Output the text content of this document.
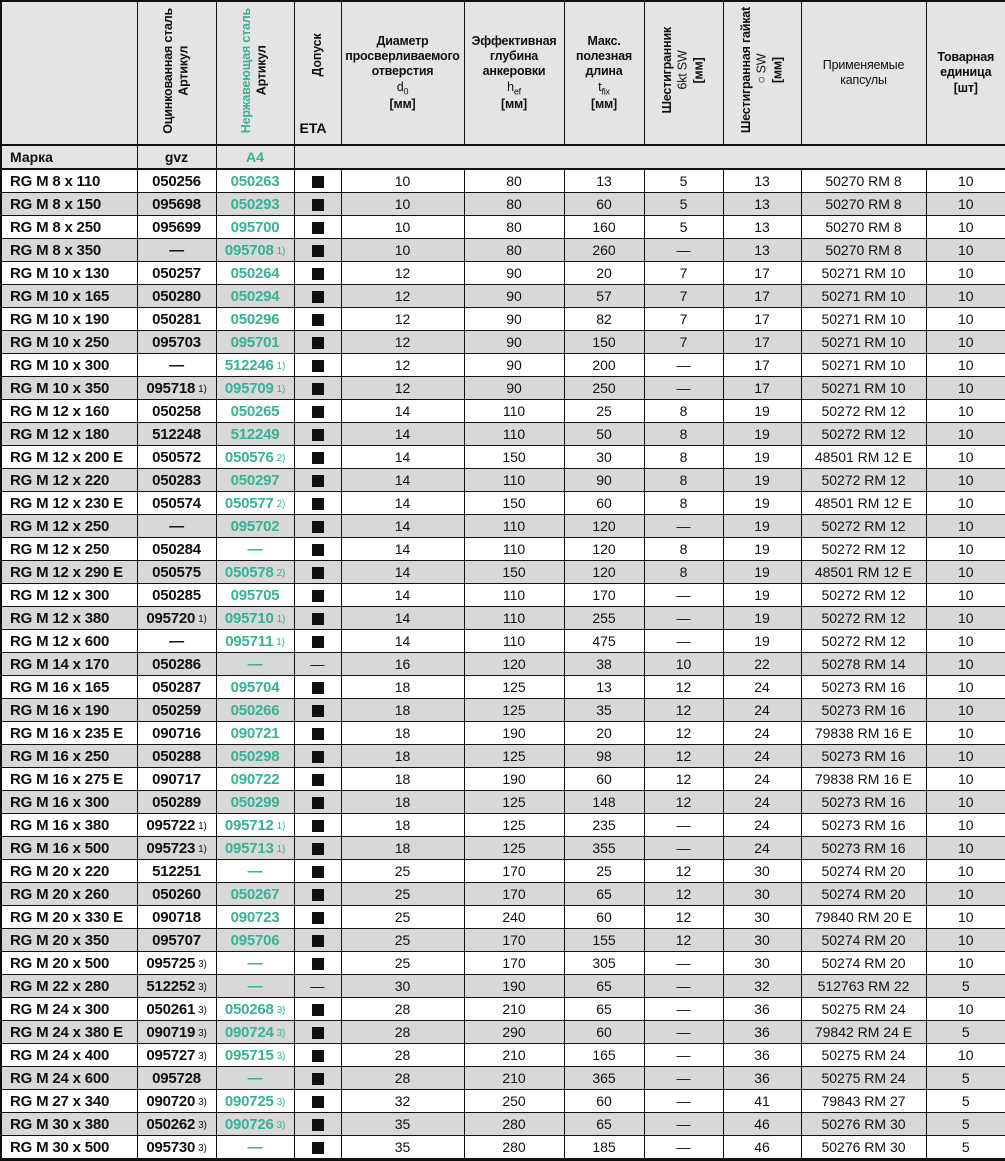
	Оцинкованная сталь Артикул	Нержавеющая сталь Артикул	Допуск
ETA	Диаметр
просверливаемого
отверстия
$d_0$
[мм]	Эффективная
глубина
анкеровки
$h_{ef}$
[мм]	Макс.
полезная
длина
$t_{fix}$
[мм]	Шестигранник 6kt SW [мм]	Шестигранная гайкat ○SW [мм]	Применяемые
капсулы	Товарная
единица
[шт]

Марка	gvz	A4								
RG M 8 x 110	050256	050263		10	80	13	5	13	50270 RM 8	10
RG M 8 x 150	095698	050293		10	80	60	5	13	50270 RM 8	10
RG M 8 x 250	095699	095700		10	80	160	5	13	50270 RM 8	10
RG M 8 x 350	—	095708 1)		10	80	260	—	13	50270 RM 8	10
RG M 10 x 130	050257	050264		12	90	20	7	17	50271 RM 10	10
RG M 10 x 165	050280	050294		12	90	57	7	17	50271 RM 10	10
RG M 10 x 190	050281	050296		12	90	82	7	17	50271 RM 10	10
RG M 10 x 250	095703	095701		12	90	150	7	17	50271 RM 10	10
RG M 10 x 300	—	512246 1)		12	90	200	—	17	50271 RM 10	10
RG M 10 x 350	095718 1)	095709 1)		12	90	250	—	17	50271 RM 10	10
RG M 12 x 160	050258	050265		14	110	25	8	19	50272 RM 12	10
RG M 12 x 180	512248	512249		14	110	50	8	19	50272 RM 12	10
RG M 12 x 200 E	050572	050576 2)		14	150	30	8	19	48501 RM 12 E	10
RG M 12 x 220	050283	050297		14	110	90	8	19	50272 RM 12	10
RG M 12 x 230 E	050574	050577 2)		14	150	60	8	19	48501 RM 12 E	10
RG M 12 x 250	—	095702		14	110	120	—	19	50272 RM 12	10
RG M 12 x 250	050284	—		14	110	120	8	19	50272 RM 12	10
RG M 12 x 290 E	050575	050578 2)		14	150	120	8	19	48501 RM 12 E	10
RG M 12 x 300	050285	095705		14	110	170	—	19	50272 RM 12	10
RG M 12 x 380	095720 1)	095710 1)		14	110	255	—	19	50272 RM 12	10
RG M 12 x 600	—	095711 1)		14	110	475	—	19	50272 RM 12	10
RG M 14 x 170	050286	—	—	16	120	38	10	22	50278 RM 14	10
RG M 16 x 165	050287	095704		18	125	13	12	24	50273 RM 16	10
RG M 16 x 190	050259	050266		18	125	35	12	24	50273 RM 16	10
RG M 16 x 235 E	090716	090721		18	190	20	12	24	79838 RM 16 E	10
RG M 16 x 250	050288	050298		18	125	98	12	24	50273 RM 16	10
RG M 16 x 275 E	090717	090722		18	190	60	12	24	79838 RM 16 E	10
RG M 16 x 300	050289	050299		18	125	148	12	24	50273 RM 16	10
RG M 16 x 380	095722 1)	095712 1)		18	125	235	—	24	50273 RM 16	10
RG M 16 x 500	095723 1)	095713 1)		18	125	355	—	24	50273 RM 16	10
RG M 20 x 220	512251	—		25	170	25	12	30	50274 RM 20	10
RG M 20 x 260	050260	050267		25	170	65	12	30	50274 RM 20	10
RG M 20 x 330 E	090718	090723		25	240	60	12	30	79840 RM 20 E	10
RG M 20 x 350	095707	095706		25	170	155	12	30	50274 RM 20	10
RG M 20 x 500	095725 3)	—		25	170	305	—	30	50274 RM 20	10
RG M 22 x 280	512252 3)	—	—	30	190	65	—	32	512763 RM 22	5
RG M 24 x 300	050261 3)	050268 3)		28	210	65	—	36	50275 RM 24	10
RG M 24 x 380 E	090719 3)	090724 3)		28	290	60	—	36	79842 RM 24 E	5
RG M 24 x 400	095727 3)	095715 3)		28	210	165	—	36	50275 RM 24	10
RG M 24 x 600	095728	—		28	210	365	—	36	50275 RM 24	5
RG M 27 x 340	090720 3)	090725 3)		32	250	60	—	41	79843 RM 27	5
RG M 30 x 380	050262 3)	090726 3)		35	280	65	—	46	50276 RM 30	5
RG M 30 x 500	095730 3)	—		35	280	185	—	46	50276 RM 30	5
